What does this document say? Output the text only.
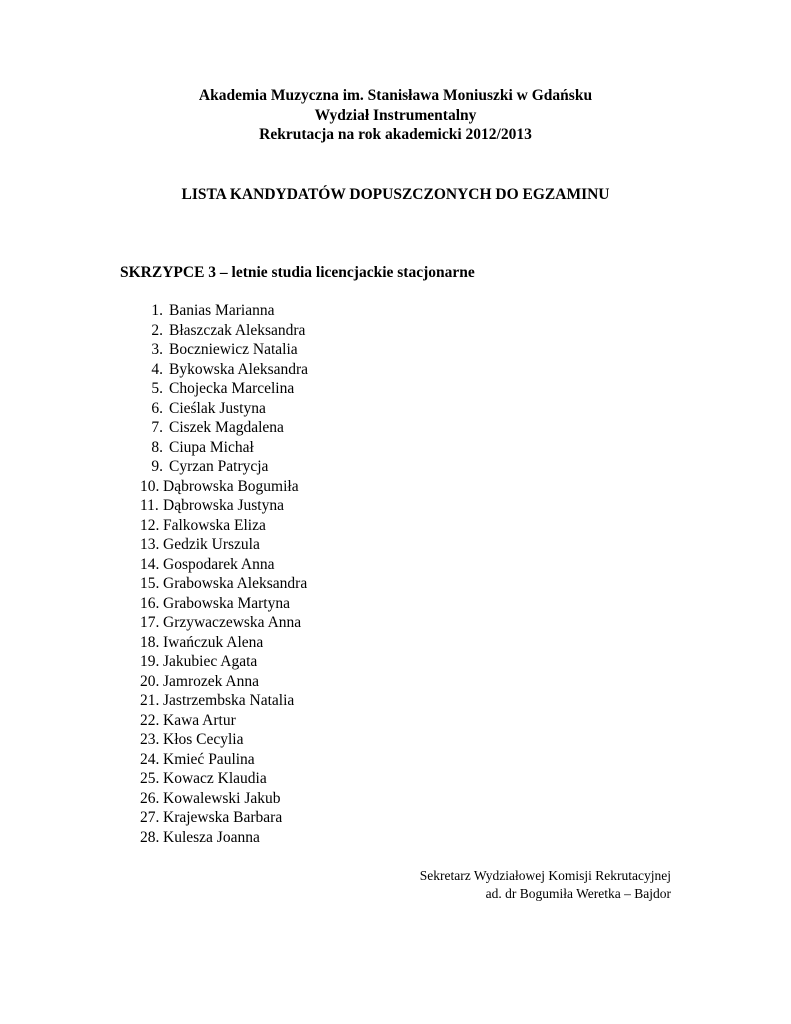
Akademia Muzyczna im. Stanisława Moniuszki w Gdańsku
Wydział Instrumentalny
Rekrutacja na rok akademicki 2012/2013
LISTA KANDYDATÓW DOPUSZCZONYCH DO EGZAMINU
SKRZYPCE 3 – letnie studia licencjackie stacjonarne
1. Banias Marianna
2. Błaszczak Aleksandra
3. Boczniewicz Natalia
4. Bykowska Aleksandra
5. Chojecka Marcelina
6. Cieślak Justyna
7. Ciszek Magdalena
8. Ciupa Michał
9. Cyrzan Patrycja
10. Dąbrowska Bogumiła
11. Dąbrowska Justyna
12. Falkowska Eliza
13. Gedzik Urszula
14. Gospodarek Anna
15. Grabowska Aleksandra
16. Grabowska Martyna
17. Grzywaczewska Anna
18. Iwańczuk Alena
19. Jakubiec Agata
20. Jamrozek Anna
21. Jastrzembska Natalia
22. Kawa Artur
23. Kłos Cecylia
24. Kmieć Paulina
25. Kowacz Klaudia
26. Kowalewski Jakub
27. Krajewska Barbara
28. Kulesza Joanna
Sekretarz Wydziałowej Komisji Rekrutacyjnej
ad. dr Bogumiła Weretka – Bajdor
